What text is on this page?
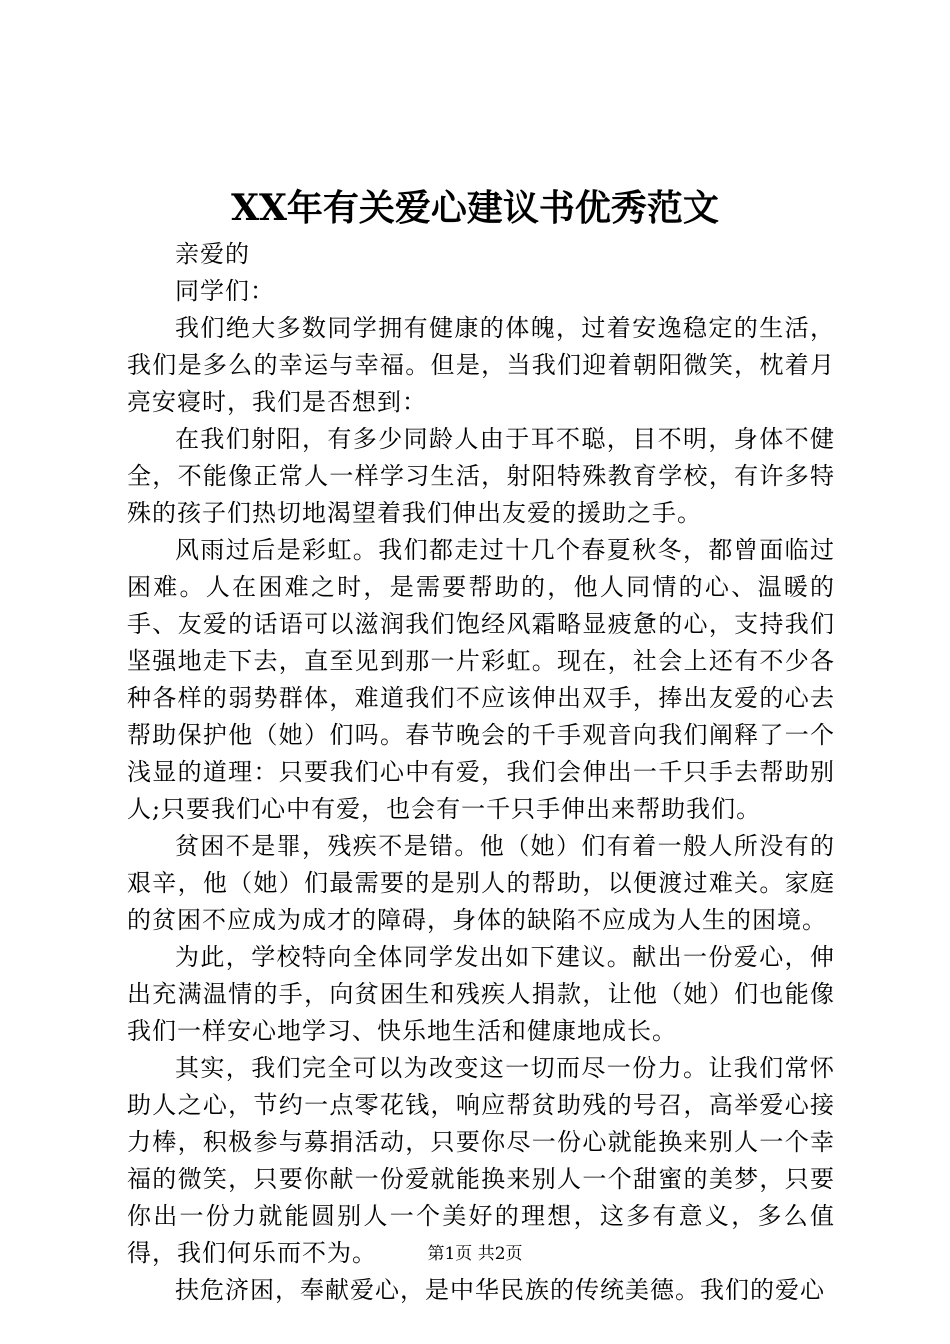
XX年有关爱心建议书优秀范文

亲爱的

同学们：

我们绝大多数同学拥有健康的体魄，过着安逸稳定的生活，我们是多么的幸运与幸福。但是，当我们迎着朝阳微笑，枕着月亮安寝时，我们是否想到：

在我们射阳，有多少同龄人由于耳不聪，目不明，身体不健全，不能像正常人一样学习生活，射阳特殊教育学校，有许多特殊的孩子们热切地渴望着我们伸出友爱的援助之手。

风雨过后是彩虹。我们都走过十几个春夏秋冬，都曾面临过困难。人在困难之时，是需要帮助的，他人同情的心、温暖的手、友爱的话语可以滋润我们饱经风霜略显疲惫的心，支持我们坚强地走下去，直至见到那一片彩虹。现在，社会上还有不少各种各样的弱势群体，难道我们不应该伸出双手，捧出友爱的心去帮助保护他（她）们吗。春节晚会的千手观音向我们阐释了一个浅显的道理：只要我们心中有爱，我们会伸出一千只手去帮助别人;只要我们心中有爱，也会有一千只手伸出来帮助我们。

贫困不是罪，残疾不是错。他（她）们有着一般人所没有的艰辛，他（她）们最需要的是别人的帮助，以便渡过难关。家庭的贫困不应成为成才的障碍，身体的缺陷不应成为人生的困境。

为此，学校特向全体同学发出如下建议。献出一份爱心，伸出充满温情的手，向贫困生和残疾人捐款，让他（她）们也能像我们一样安心地学习、快乐地生活和健康地成长。

其实，我们完全可以为改变这一切而尽一份力。让我们常怀助人之心，节约一点零花钱，响应帮贫助残的号召，高举爱心接力棒，积极参与募捐活动，只要你尽一份心就能换来别人一个幸福的微笑，只要你献一份爱就能换来别人一个甜蜜的美梦，只要你出一份力就能圆别人一个美好的理想，这多有意义，多么值得，我们何乐而不为。

扶危济困，奉献爱心，是中华民族的传统美德。我们的爱心

第1页 共2页
